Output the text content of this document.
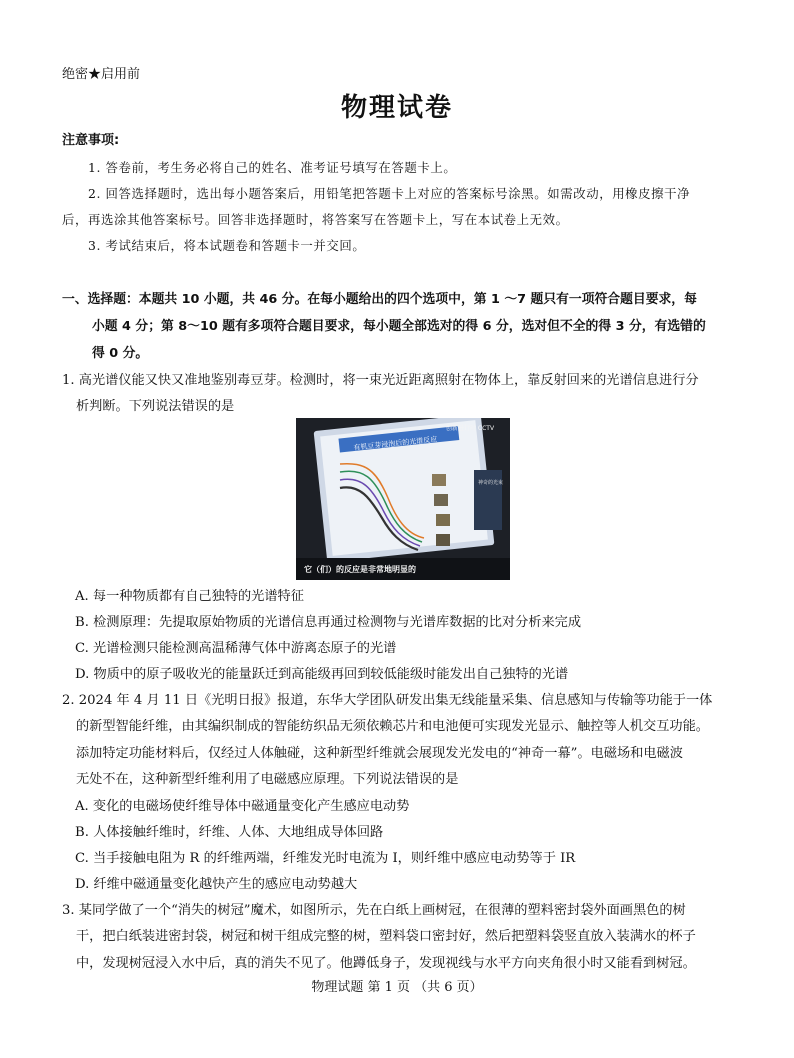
绝密★启用前
物理试卷
注意事项:
1. 答卷前，考生务必将自己的姓名、准考证号填写在答题卡上。
2. 回答选择题时，选出每小题答案后，用铅笔把答题卡上对应的答案标号涂黑。如需改动，用橡皮擦干净
后，再选涂其他答案标号。回答非选择题时，将答案写在答题卡上，写在本试卷上无效。
3. 考试结束后，将本试题卷和答题卡一并交回。
一、选择题：本题共 10 小题，共 46 分。在每小题给出的四个选项中，第 1 ～7 题只有一项符合题目要求，每
小题 4 分；第 8～10 题有多项符合题目要求，每小题全部选对的得 6 分，选对但不全的得 3 分，有选错的
得 0 分。
1. 高光谱仪能又快又准地鉴别毒豆芽。检测时，将一束光近距离照射在物体上，靠反射回来的光谱信息进行分
析判断。下列说法错误的是
有机豆芽浸泡后的光谱反应
神奇的光束
创新进行时 CCTV
它（们）的反应是非常地明显的
A. 每一种物质都有自己独特的光谱特征
B. 检测原理：先提取原始物质的光谱信息再通过检测物与光谱库数据的比对分析来完成
C. 光谱检测只能检测高温稀薄气体中游离态原子的光谱
D. 物质中的原子吸收光的能量跃迁到高能级再回到较低能级时能发出自己独特的光谱
2. 2024 年 4 月 11 日《光明日报》报道，东华大学团队研发出集无线能量采集、信息感知与传输等功能于一体
的新型智能纤维，由其编织制成的智能纺织品无须依赖芯片和电池便可实现发光显示、触控等人机交互功能。
添加特定功能材料后，仅经过人体触碰，这种新型纤维就会展现发光发电的“神奇一幕”。电磁场和电磁波
无处不在，这种新型纤维利用了电磁感应原理。下列说法错误的是
A. 变化的电磁场使纤维导体中磁通量变化产生感应电动势
B. 人体接触纤维时，纤维、人体、大地组成导体回路
C. 当手接触电阻为 R 的纤维两端，纤维发光时电流为 I，则纤维中感应电动势等于 IR
D. 纤维中磁通量变化越快产生的感应电动势越大
3. 某同学做了一个“消失的树冠”魔术，如图所示，先在白纸上画树冠，在很薄的塑料密封袋外面画黑色的树
干，把白纸装进密封袋，树冠和树干组成完整的树，塑料袋口密封好，然后把塑料袋竖直放入装满水的杯子
中，发现树冠浸入水中后，真的消失不见了。他蹲低身子，发现视线与水平方向夹角很小时又能看到树冠。
物理试题 第 1 页 （共 6 页）
